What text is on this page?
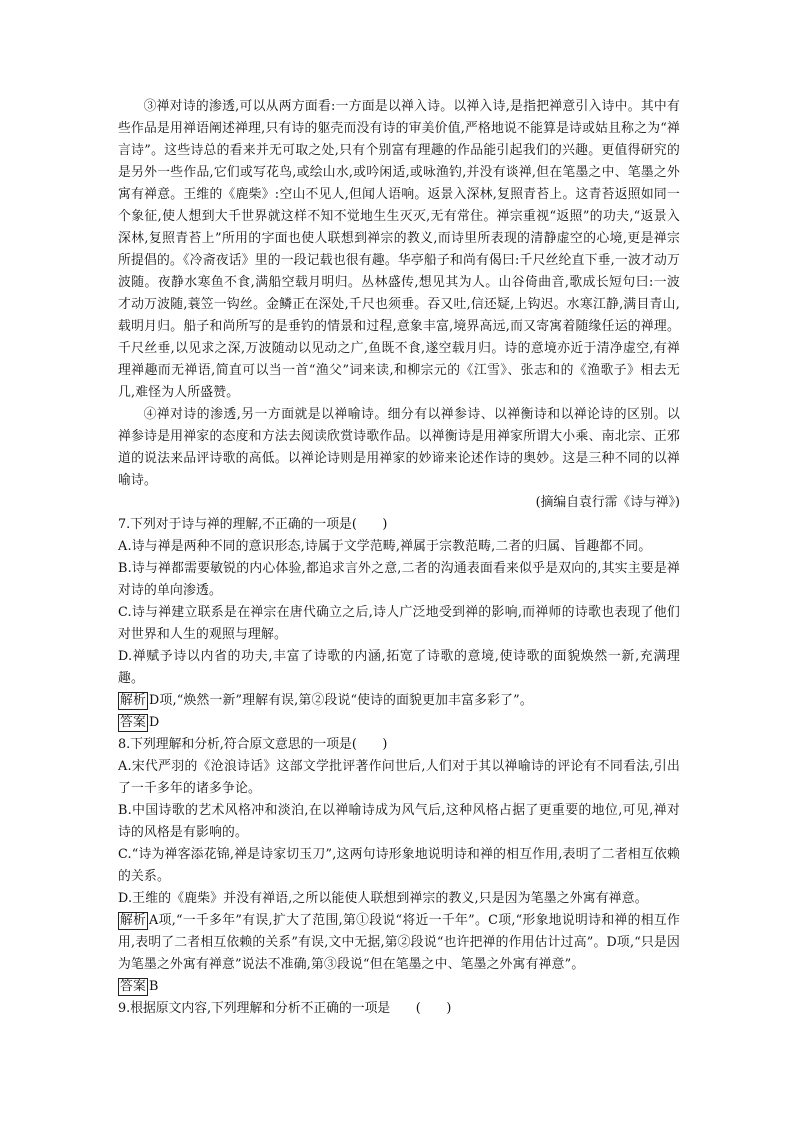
③禅对诗的渗透,可以从两方面看:一方面是以禅入诗。以禅入诗,是指把禅意引入诗中。其中有些作品是用禅语阐述禅理,只有诗的躯壳而没有诗的审美价值,严格地说不能算是诗或姑且称之为“禅言诗”。这些诗总的看来并无可取之处,只有个别富有理趣的作品能引起我们的兴趣。更值得研究的是另外一些作品,它们或写花鸟,或绘山水,或吟闲适,或咏渔钓,并没有谈禅,但在笔墨之中、笔墨之外寓有禅意。王维的《鹿柴》:空山不见人,但闻人语响。返景入深林,复照青苔上。这青苔返照如同一个象征,使人想到大千世界就这样不知不觉地生生灭灭,无有常住。禅宗重视“返照”的功夫,“返景入深林,复照青苔上”所用的字面也使人联想到禅宗的教义,而诗里所表现的清静虚空的心境,更是禅宗所提倡的。《冷斋夜话》里的一段记载也很有趣。华亭船子和尚有偈曰:千尺丝纶直下垂,一波才动万波随。夜静水寒鱼不食,满船空载月明归。丛林盛传,想见其为人。山谷倚曲音,歌成长短句曰:一波才动万波随,蓑笠一钩丝。金鳞正在深处,千尺也须垂。吞又吐,信还疑,上钩迟。水寒江静,满目青山,载明月归。船子和尚所写的是垂钓的情景和过程,意象丰富,境界高远,而又寄寓着随缘任运的禅理。千尺丝垂,以见求之深,万波随动以见动之广,鱼既不食,遂空载月归。诗的意境亦近于清净虚空,有禅理禅趣而无禅语,简直可以当一首“渔父”词来读,和柳宗元的《江雪》、张志和的《渔歌子》相去无几,难怪为人所盛赞。

④禅对诗的渗透,另一方面就是以禅喻诗。细分有以禅参诗、以禅衡诗和以禅论诗的区别。以禅参诗是用禅家的态度和方法去阅读欣赏诗歌作品。以禅衡诗是用禅家所谓大小乘、南北宗、正邪道的说法来品评诗歌的高低。以禅论诗则是用禅家的妙谛来论述作诗的奥妙。这是三种不同的以禅喻诗。

(摘编自袁行霈《诗与禅》)

7.下列对于诗与禅的理解,不正确的一项是(　　)

A.诗与禅是两种不同的意识形态,诗属于文学范畴,禅属于宗教范畴,二者的归属、旨趣都不同。

B.诗与禅都需要敏锐的内心体验,都追求言外之意,二者的沟通表面看来似乎是双向的,其实主要是禅对诗的单向渗透。

C.诗与禅建立联系是在禅宗在唐代确立之后,诗人广泛地受到禅的影响,而禅师的诗歌也表现了他们对世界和人生的观照与理解。

D.禅赋予诗以内省的功夫,丰富了诗歌的内涵,拓宽了诗歌的意境,使诗歌的面貌焕然一新,充满理趣。

解析 D项,“焕然一新”理解有误,第②段说“使诗的面貌更加丰富多彩了”。

答案 D

8.下列理解和分析,符合原文意思的一项是(　　)

A.宋代严羽的《沧浪诗话》这部文学批评著作问世后,人们对于其以禅喻诗的评论有不同看法,引出了一千多年的诸多争论。

B.中国诗歌的艺术风格冲和淡泊,在以禅喻诗成为风气后,这种风格占据了更重要的地位,可见,禅对诗的风格是有影响的。

C.“诗为禅客添花锦,禅是诗家切玉刀”,这两句诗形象地说明诗和禅的相互作用,表明了二者相互依赖的关系。

D.王维的《鹿柴》并没有禅语,之所以能使人联想到禅宗的教义,只是因为笔墨之外寓有禅意。

解析 A项,“一千多年”有误,扩大了范围,第①段说“将近一千年”。C项,“形象地说明诗和禅的相互作用,表明了二者相互依赖的关系”有误,文中无据,第②段说“也许把禅的作用估计过高”。D项,“只是因为笔墨之外寓有禅意”说法不准确,第③段说“但在笔墨之中、笔墨之外寓有禅意”。

答案 B

9.根据原文内容,下列理解和分析不正确的一项是　　(　　)
